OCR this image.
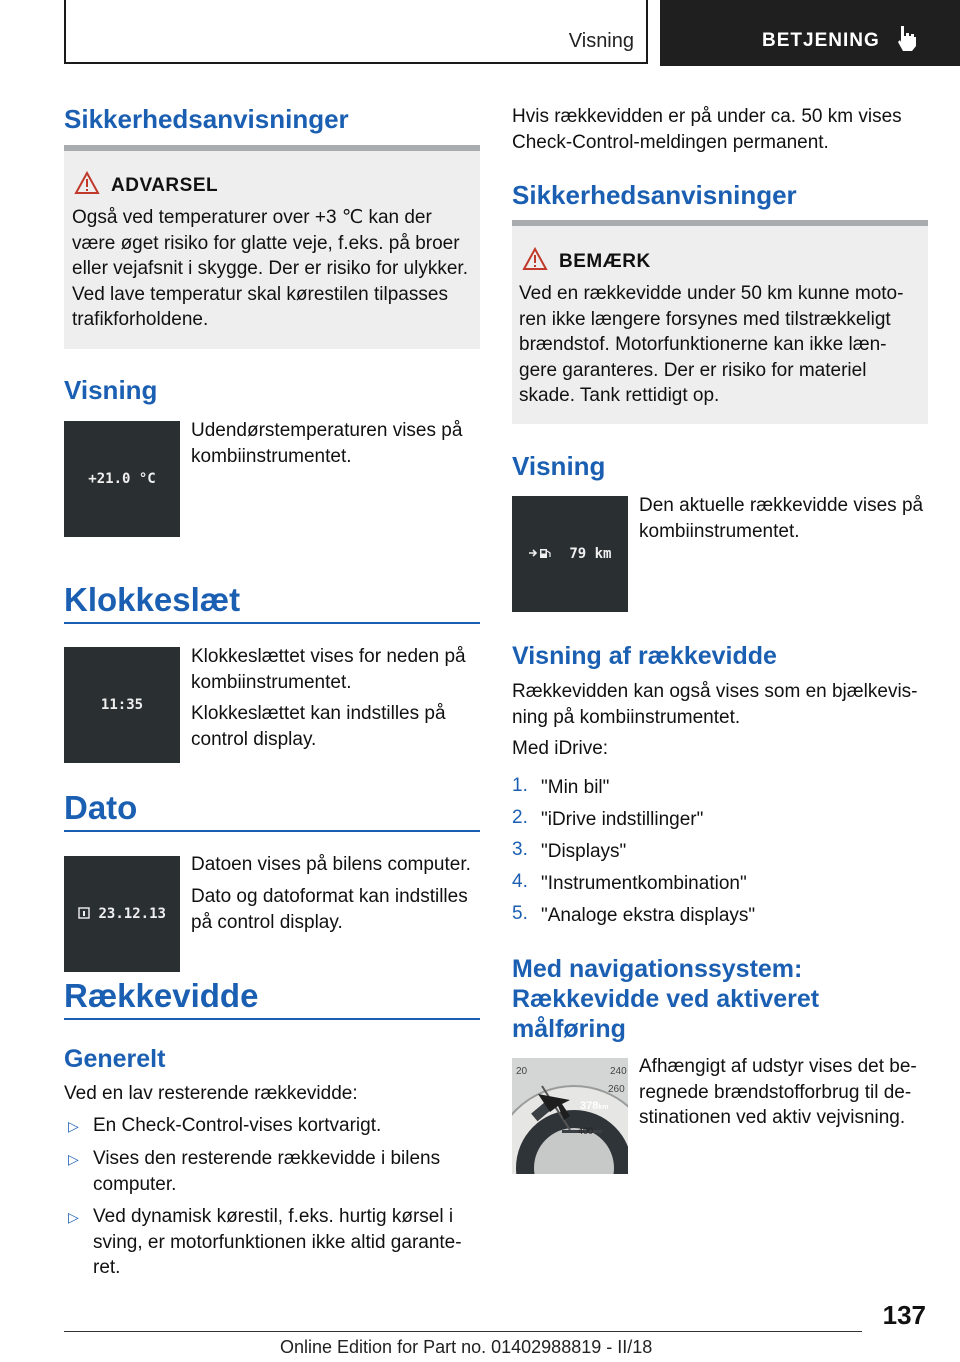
Visning	BETJENING
Sikkerhedsanvisninger
ADVARSEL
Også ved temperaturer over +3 ℃ kan der
være øget risiko for glatte veje, f.eks. på broer
eller vejafsnit i skygge. Der er risiko for ulykker.
Ved lave temperatur skal kørestilen tilpasses
trafikforholdene.
Visning
+21.0 °C
Udendørstemperaturen vises på
kombiinstrumentet.
Klokkeslæt
11:35
Klokkeslættet vises for neden på
kombiinstrumentet.
Klokkeslættet kan indstilles på
control display.
Dato
23.12.13
Datoen vises på bilens computer.
Dato og datoformat kan indstilles
på control display.
Rækkevidde
Generelt
Ved en lav resterende rækkevidde:
▷ En Check-Control-vises kortvarigt.
▷ Vises den resterende rækkevidde i bilens
computer.
▷ Ved dynamisk kørestil, f.eks. hurtig kørsel i
sving, er motorfunktionen ikke altid garante-
ret.
Hvis rækkevidden er på under ca. 50 km vises
Check-Control-meldingen permanent.
Sikkerhedsanvisninger
BEMÆRK
Ved en rækkevidde under 50 km kunne moto-
ren ikke længere forsynes med tilstrækkeligt
brændstof. Motorfunktionerne kan ikke læn-
gere garanteres. Der er risiko for materiel
skade. Tank rettidigt op.
Visning
79 km
Den aktuelle rækkevidde vises på
kombiinstrumentet.
Visning af rækkevidde
Rækkevidden kan også vises som en bjælkevis-
ning på kombiinstrumentet.
Med iDrive:
1. "Min bil"
2. "iDrive indstillinger"
3. "Displays"
4. "Instrumentkombination"
5. "Analoge ekstra displays"
Med navigationssystem:
Rækkevidde ved aktiveret
målføring
20	240
260
378km
400
Afhængigt af udstyr vises det be-
regnede brændstofforbrug til de-
stinationen ved aktiv vejvisning.
137
Online Edition for Part no. 01402988819 - II/18
